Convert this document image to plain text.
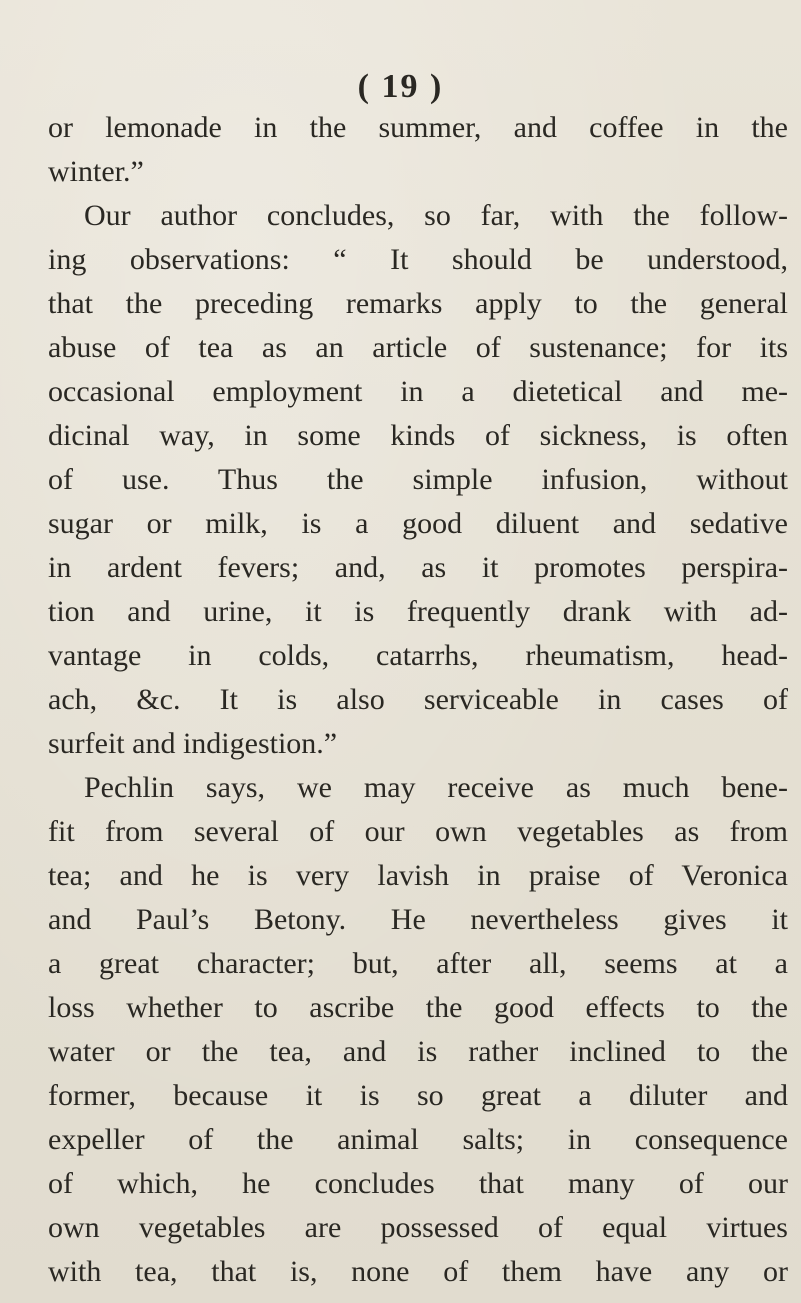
( 19 )
or lemonade in the summer, and coffee in the
winter.”
Our author concludes, so far, with the follow-
ing observations: “ It should be understood,
that the preceding remarks apply to the general
abuse of tea as an article of sustenance; for its
occasional employment in a dietetical and me-
dicinal way, in some kinds of sickness, is often
of use. Thus the simple infusion, without
sugar or milk, is a good diluent and sedative
in ardent fevers; and, as it promotes perspira-
tion and urine, it is frequently drank with ad-
vantage in colds, catarrhs, rheumatism, head-
ach, &c. It is also serviceable in cases of
surfeit and indigestion.”
Pechlin says, we may receive as much bene-
fit from several of our own vegetables as from
tea; and he is very lavish in praise of Veronica
and Paul’s Betony. He nevertheless gives it
a great character; but, after all, seems at a
loss whether to ascribe the good effects to the
water or the tea, and is rather inclined to the
former, because it is so great a diluter and
expeller of the animal salts; in consequence
of which, he concludes that many of our
own vegetables are possessed of equal virtues
with tea, that is, none of them have any or
